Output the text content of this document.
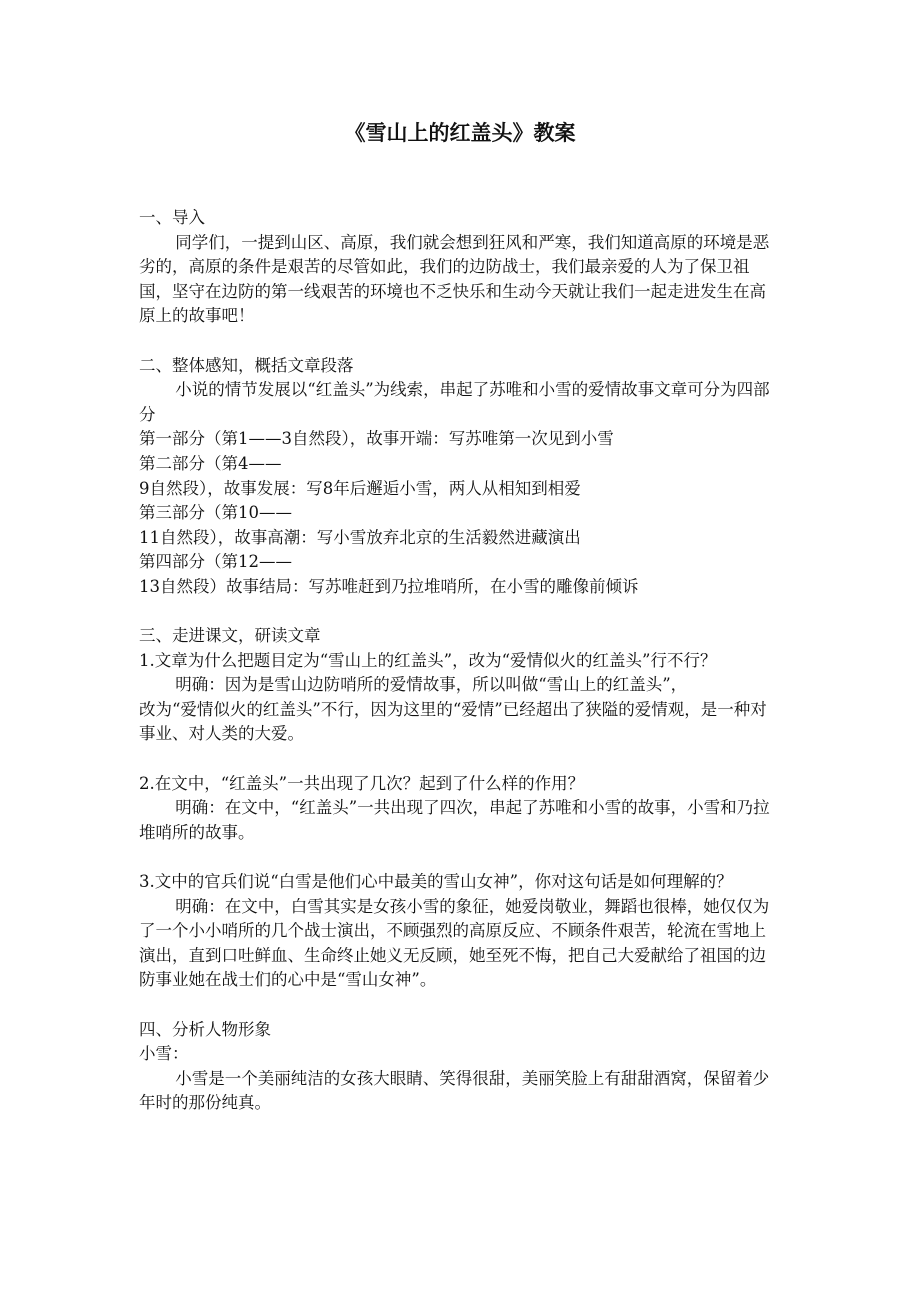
《雪山上的红盖头》教案

一、导入

同学们，一提到山区、高原，我们就会想到狂风和严寒，我们知道高原的环境是恶劣的，高原的条件是艰苦的尽管如此，我们的边防战士，我们最亲爱的人为了保卫祖国，坚守在边防的第一线艰苦的环境也不乏快乐和生动今天就让我们一起走进发生在高原上的故事吧！

二、整体感知，概括文章段落

小说的情节发展以“红盖头”为线索，串起了苏唯和小雪的爱情故事文章可分为四部分

第一部分（第1——3自然段），故事开端：写苏唯第一次见到小雪

第二部分（第4——

9自然段），故事发展：写8年后邂逅小雪，两人从相知到相爱

第三部分（第10——

11自然段），故事高潮：写小雪放弃北京的生活毅然进藏演出

第四部分（第12——

13自然段）故事结局：写苏唯赶到乃拉堆哨所，在小雪的雕像前倾诉

三、走进课文，研读文章

1.文章为什么把题目定为“雪山上的红盖头”，改为“爱情似火的红盖头”行不行？

明确：因为是雪山边防哨所的爱情故事，所以叫做“雪山上的红盖头”，

改为“爱情似火的红盖头”不行，因为这里的“爱情”已经超出了狭隘的爱情观，是一种对事业、对人类的大爱。

2.在文中，“红盖头”一共出现了几次？起到了什么样的作用？

明确：在文中，“红盖头”一共出现了四次，串起了苏唯和小雪的故事，小雪和乃拉堆哨所的故事。

3.文中的官兵们说“白雪是他们心中最美的雪山女神”，你对这句话是如何理解的？

明确：在文中，白雪其实是女孩小雪的象征，她爱岗敬业，舞蹈也很棒，她仅仅为了一个小小哨所的几个战士演出，不顾强烈的高原反应、不顾条件艰苦，轮流在雪地上演出，直到口吐鲜血、生命终止她义无反顾，她至死不悔，把自己大爱献给了祖国的边防事业她在战士们的心中是“雪山女神”。

四、分析人物形象

小雪：

小雪是一个美丽纯洁的女孩大眼睛、笑得很甜，美丽笑脸上有甜甜酒窝，保留着少年时的那份纯真。
